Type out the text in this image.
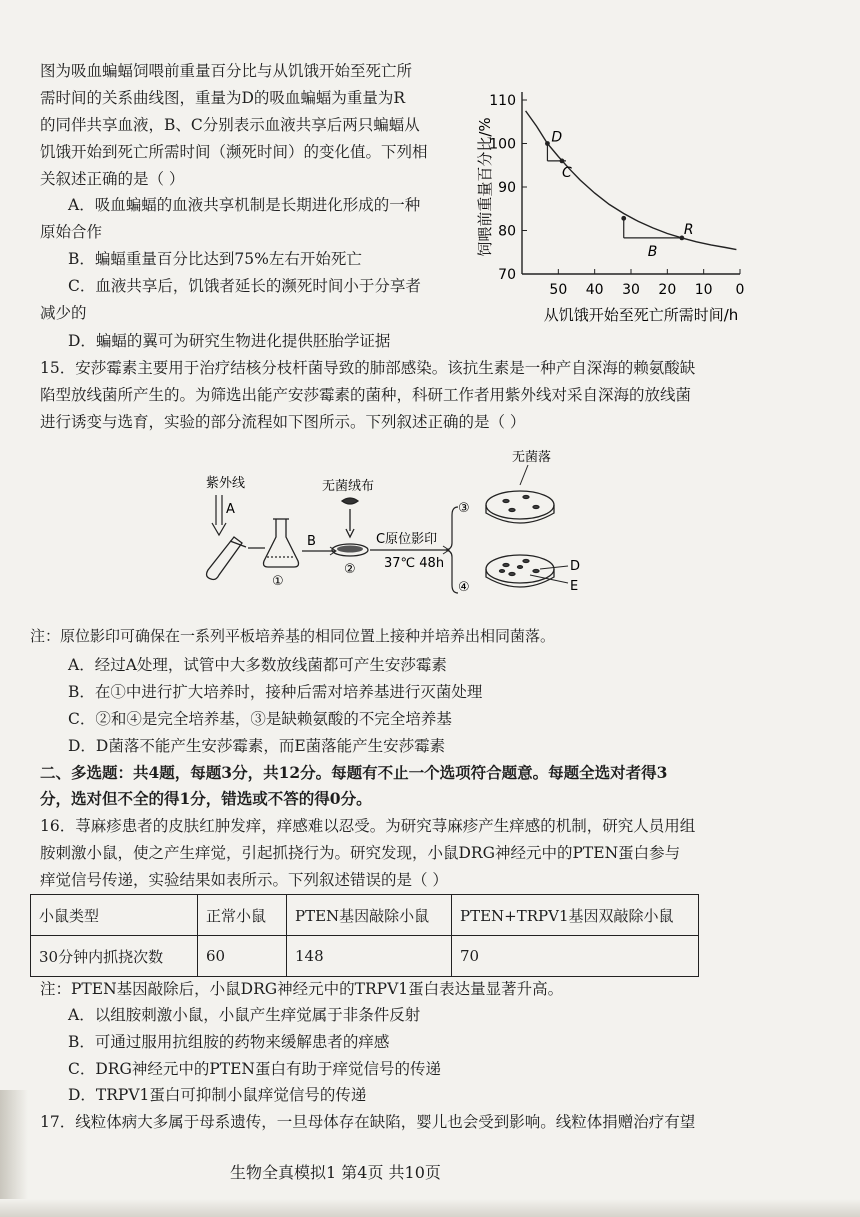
图为吸血蝙蝠饲喂前重量百分比与从饥饿开始至死亡所
需时间的关系曲线图，重量为D的吸血蝙蝠为重量为R
的同伴共享血液，B、C分别表示血液共享后两只蝙蝠从
饥饿开始到死亡所需时间（濒死时间）的变化值。下列相
关叙述正确的是（ ）
A．吸血蝙蝠的血液共享机制是长期进化形成的一种
原始合作
B．蝙蝠重量百分比达到75%左右开始死亡
C．血液共享后，饥饿者延长的濒死时间小于分享者
减少的
D．蝙蝠的翼可为研究生物进化提供胚胎学证据
110
100
90
80
70
50 40 30 20 10 0
D
C
R
B
从饥饿开始至死亡所需时间/h
饲喂前重量百分比/%
15．安莎霉素主要用于治疗结核分枝杆菌导致的肺部感染。该抗生素是一种产自深海的赖氨酸缺
陷型放线菌所产生的。为筛选出能产安莎霉素的菌种，科研工作者用紫外线对采自深海的放线菌
进行诱变与选育，实验的部分流程如下图所示。下列叙述正确的是（ ）
紫外线
A
①
B
无菌绒布
②
C原位影印
37℃ 48h
③
④
无菌落
D
E
注：原位影印可确保在一系列平板培养基的相同位置上接种并培养出相同菌落。
A．经过A处理，试管中大多数放线菌都可产生安莎霉素
B．在①中进行扩大培养时，接种后需对培养基进行灭菌处理
C．②和④是完全培养基，③是缺赖氨酸的不完全培养基
D．D菌落不能产生安莎霉素，而E菌落能产生安莎霉素
二、多选题：共4题，每题3分，共12分。每题有不止一个选项符合题意。每题全选对者得3
分，选对但不全的得1分，错选或不答的得0分。
16．荨麻疹患者的皮肤红肿发痒，痒感难以忍受。为研究荨麻疹产生痒感的机制，研究人员用组
胺刺激小鼠，使之产生痒觉，引起抓挠行为。研究发现，小鼠DRG神经元中的PTEN蛋白参与
痒觉信号传递，实验结果如表所示。下列叙述错误的是（ ）
小鼠类型	正常小鼠	PTEN基因敲除小鼠	PTEN+TRPV1基因双敲除小鼠
30分钟内抓挠次数	60	148	70
注：PTEN基因敲除后，小鼠DRG神经元中的TRPV1蛋白表达量显著升高。
A．以组胺刺激小鼠，小鼠产生痒觉属于非条件反射
B．可通过服用抗组胺的药物来缓解患者的痒感
C．DRG神经元中的PTEN蛋白有助于痒觉信号的传递
D．TRPV1蛋白可抑制小鼠痒觉信号的传递
17．线粒体病大多属于母系遗传，一旦母体存在缺陷，婴儿也会受到影响。线粒体捐赠治疗有望
生物全真模拟1 第4页 共10页
